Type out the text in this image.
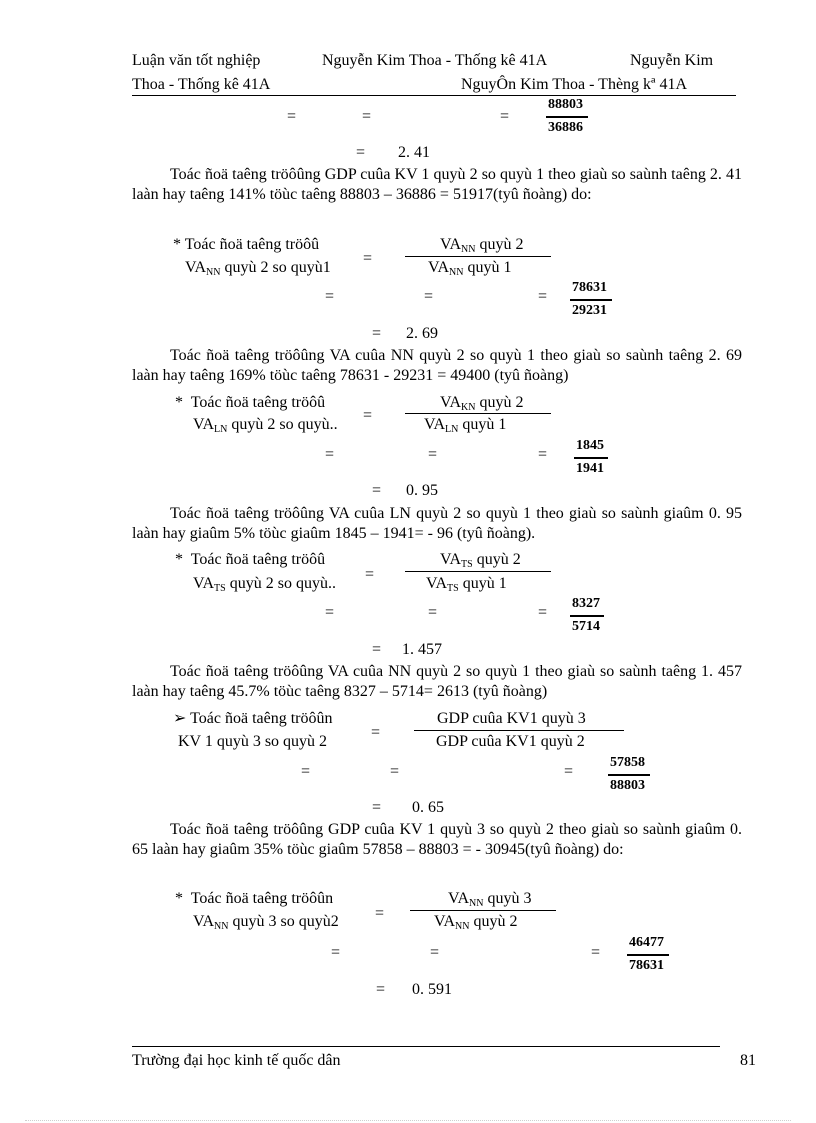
Luận văn tốt nghiệp	Nguyễn Kim Thoa - Thống kê 41A	Nguyễn Kim
Thoa - Thống kê 41A	NguyÔn Kim Thoa - Thèng kª 41A
=	=	=
88803
36886
= 2. 41
Toác ñoä taêng tröôûng GDP cuûa KV 1 quyù 2 so quyù 1 theo giaù so saùnh taêng 2. 41 laàn hay taêng 141% töùc taêng 88803 – 36886 = 51917(tyû ñoàng) do:
* Toác ñoä taêng tröôû
$VA_{NN}$ quyù 2 so quyù1
=
$VA_{NN}$ quyù 2
$VA_{NN}$ quyù 1
=	=	=
78631
29231
= 2. 69
Toác ñoä taêng tröôûng VA cuûa NN quyù 2 so quyù 1 theo giaù so saùnh taêng 2. 69 laàn hay taêng 169% töùc taêng 78631 - 29231 = 49400 (tyû ñoàng)
* Toác ñoä taêng tröôû
$VA_{LN}$ quyù 2 so quyù..
=
$VA_{KN}$ quyù 2
$VA_{LN}$ quyù 1
=	=	=
1845
1941
= 0. 95
Toác ñoä taêng tröôûng VA cuûa LN quyù 2 so quyù 1 theo giaù so saùnh giaûm 0. 95 laàn hay giaûm 5% töùc giaûm 1845 – 1941= - 96 (tyû ñoàng).
* Toác ñoä taêng tröôû
$VA_{TS}$ quyù 2 so quyù..
=
$VA_{TS}$ quyù 2
$VA_{TS}$ quyù 1
=	=	=
8327
5714
= 1. 457
Toác ñoä taêng tröôûng VA cuûa NN quyù 2 so quyù 1 theo giaù so saùnh taêng 1. 457 laàn hay taêng 45.7% töùc taêng 8327 – 5714= 2613 (tyû ñoàng)
➢ Toác ñoä taêng tröôûn
KV 1 quyù 3 so quyù 2
=
GDP cuûa KV1 quyù 3
GDP cuûa KV1 quyù 2
=	=	=
57858
88803
= 0. 65
Toác ñoä taêng tröôûng GDP cuûa KV 1 quyù 3 so quyù 2 theo giaù so saùnh giaûm 0. 65 laàn hay giaûm 35% töùc giaûm 57858 – 88803 = - 30945(tyû ñoàng) do:
* Toác ñoä taêng tröôûn
$VA_{NN}$ quyù 3 so quyù2 =
$VA_{NN}$ quyù 3
$VA_{NN}$ quyù 2
=	=	=
46477
78631
= 0. 591
Trường đại học kinh tế quốc dân	81
